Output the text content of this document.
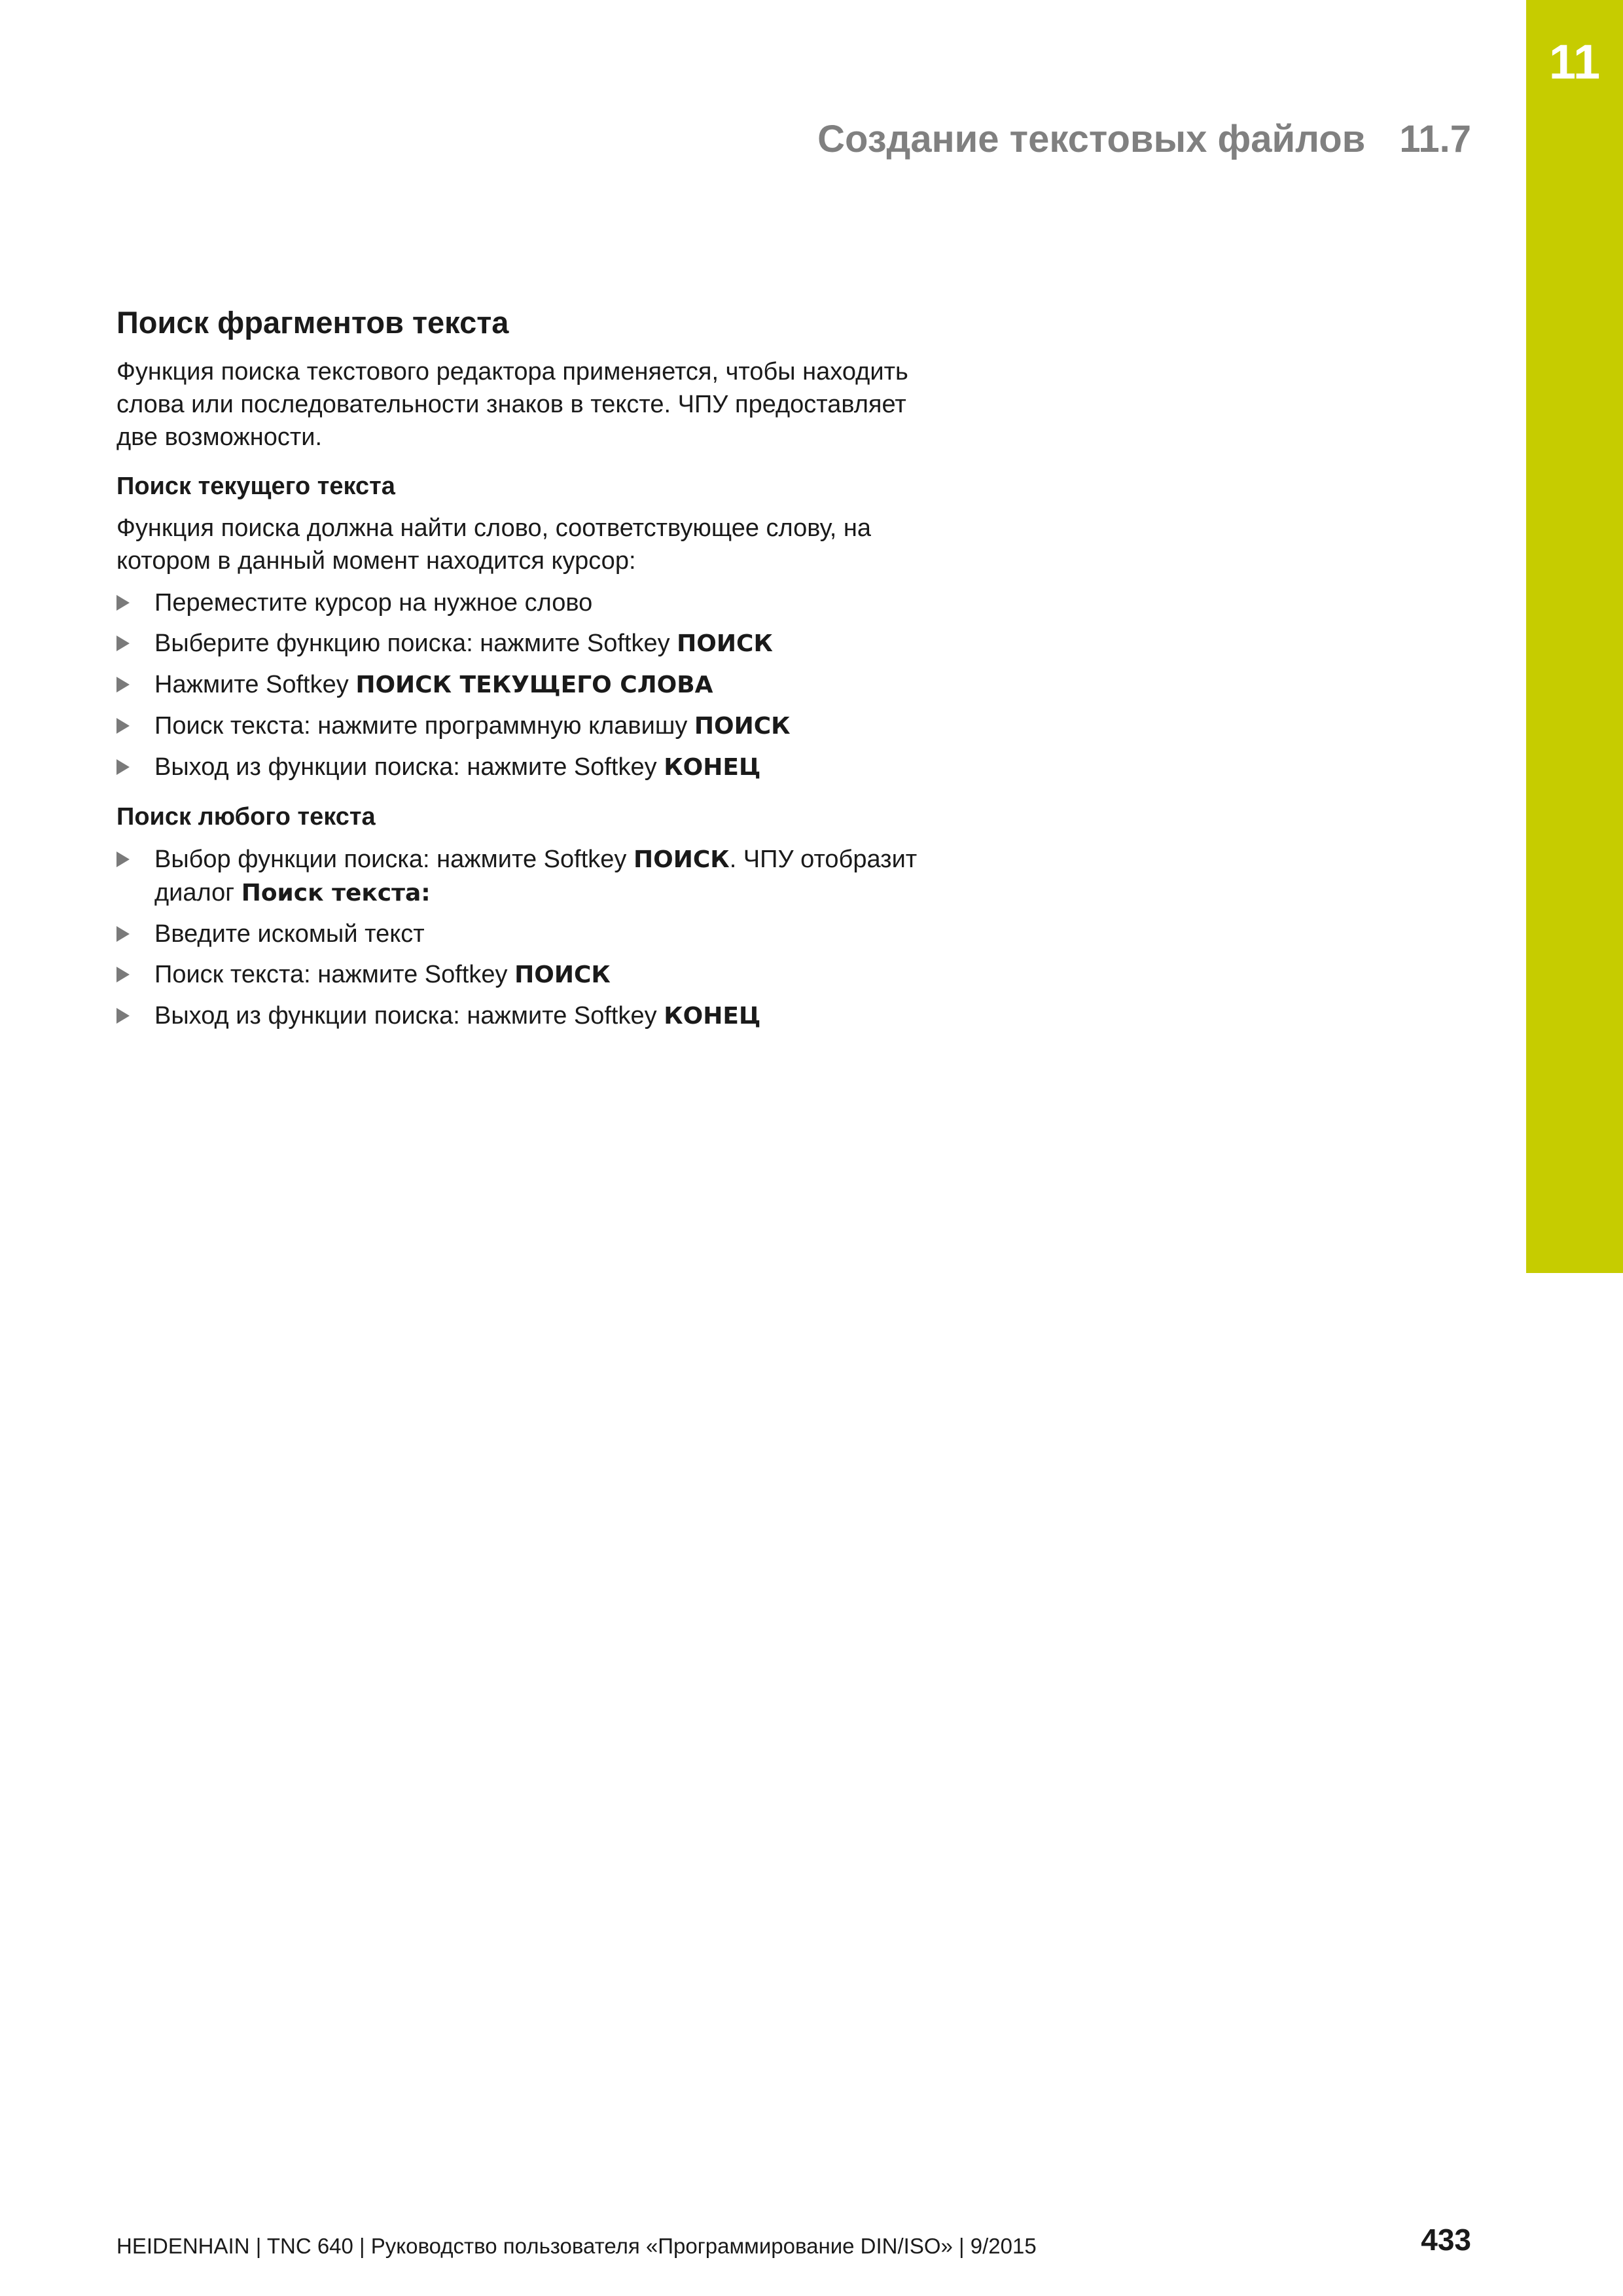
11
Создание текстовых файлов 11.7
Поиск фрагментов текста

Функция поиска текстового редактора применяется, чтобы находить слова или последовательности знаков в тексте. ЧПУ предоставляет две возможности.

Поиск текущего текста

Функция поиска должна найти слово, соответствующее слову, на котором в данный момент находится курсор:

Переместите курсор на нужное слово
Выберите функцию поиска: нажмите Softkey ПОИСК
Нажмите Softkey ПОИСК ТЕКУЩЕГО СЛОВА
Поиск текста: нажмите программную клавишу ПОИСК
Выход из функции поиска: нажмите Softkey КОНЕЦ
Поиск любого текста
Выбор функции поиска: нажмите Softkey ПОИСК. ЧПУ отобразит диалог Поиск текста:
Введите искомый текст
Поиск текста: нажмите Softkey ПОИСК
Выход из функции поиска: нажмите Softkey КОНЕЦ
HEIDENHAIN | TNC 640 | Руководство пользователя «Программирование DIN/ISO» | 9/2015	433
